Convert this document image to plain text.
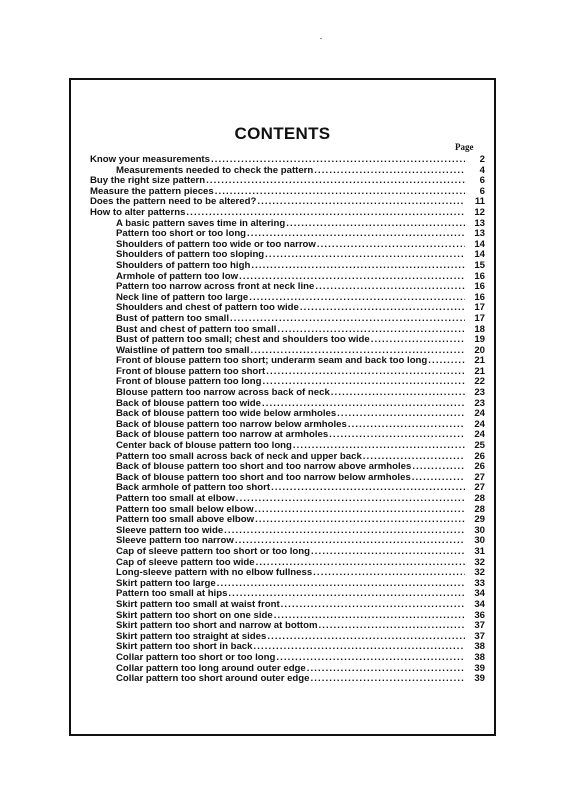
CONTENTS
Page
Know your measurements .....	2
Measurements needed to check the pattern .....	4
Buy the right size pattern .....	6
Measure the pattern pieces .....	6
Does the pattern need to be altered? .....	11
How to alter patterns .....	12
A basic pattern saves time in altering .....	13
Pattern too short or too long .....	13
Shoulders of pattern too wide or too narrow .....	14
Shoulders of pattern too sloping .....	14
Shoulders of pattern too high .....	15
Armhole of pattern too low .....	16
Pattern too narrow across front at neck line .....	16
Neck line of pattern too large .....	16
Shoulders and chest of pattern too wide .....	17
Bust of pattern too small .....	17
Bust and chest of pattern too small .....	18
Bust of pattern too small; chest and shoulders too wide .....	19
Waistline of pattern too small .....	20
Front of blouse pattern too short; underarm seam and back too long .....	21
Front of blouse pattern too short .....	21
Front of blouse pattern too long .....	22
Blouse pattern too narrow across back of neck .....	23
Back of blouse pattern too wide .....	23
Back of blouse pattern too wide below armholes .....	24
Back of blouse pattern too narrow below armholes .....	24
Back of blouse pattern too narrow at armholes .....	24
Center back of blouse pattern too long .....	25
Pattern too small across back of neck and upper back .....	26
Back of blouse pattern too short and too narrow above armholes .....	26
Back of blouse pattern too short and too narrow below armholes .....	27
Back armhole of pattern too short .....	27
Pattern too small at elbow .....	28
Pattern too small below elbow .....	28
Pattern too small above elbow .....	29
Sleeve pattern too wide .....	30
Sleeve pattern too narrow .....	30
Cap of sleeve pattern too short or too long .....	31
Cap of sleeve pattern too wide .....	32
Long-sleeve pattern with no elbow fullness .....	32
Skirt pattern too large .....	33
Pattern too small at hips .....	34
Skirt pattern too small at waist front .....	34
Skirt pattern too short on one side .....	36
Skirt pattern too short and narrow at bottom .....	37
Skirt pattern too straight at sides .....	37
Skirt pattern too short in back .....	38
Collar pattern too short or too long .....	38
Collar pattern too long around outer edge .....	39
Collar pattern too short around outer edge .....	39
